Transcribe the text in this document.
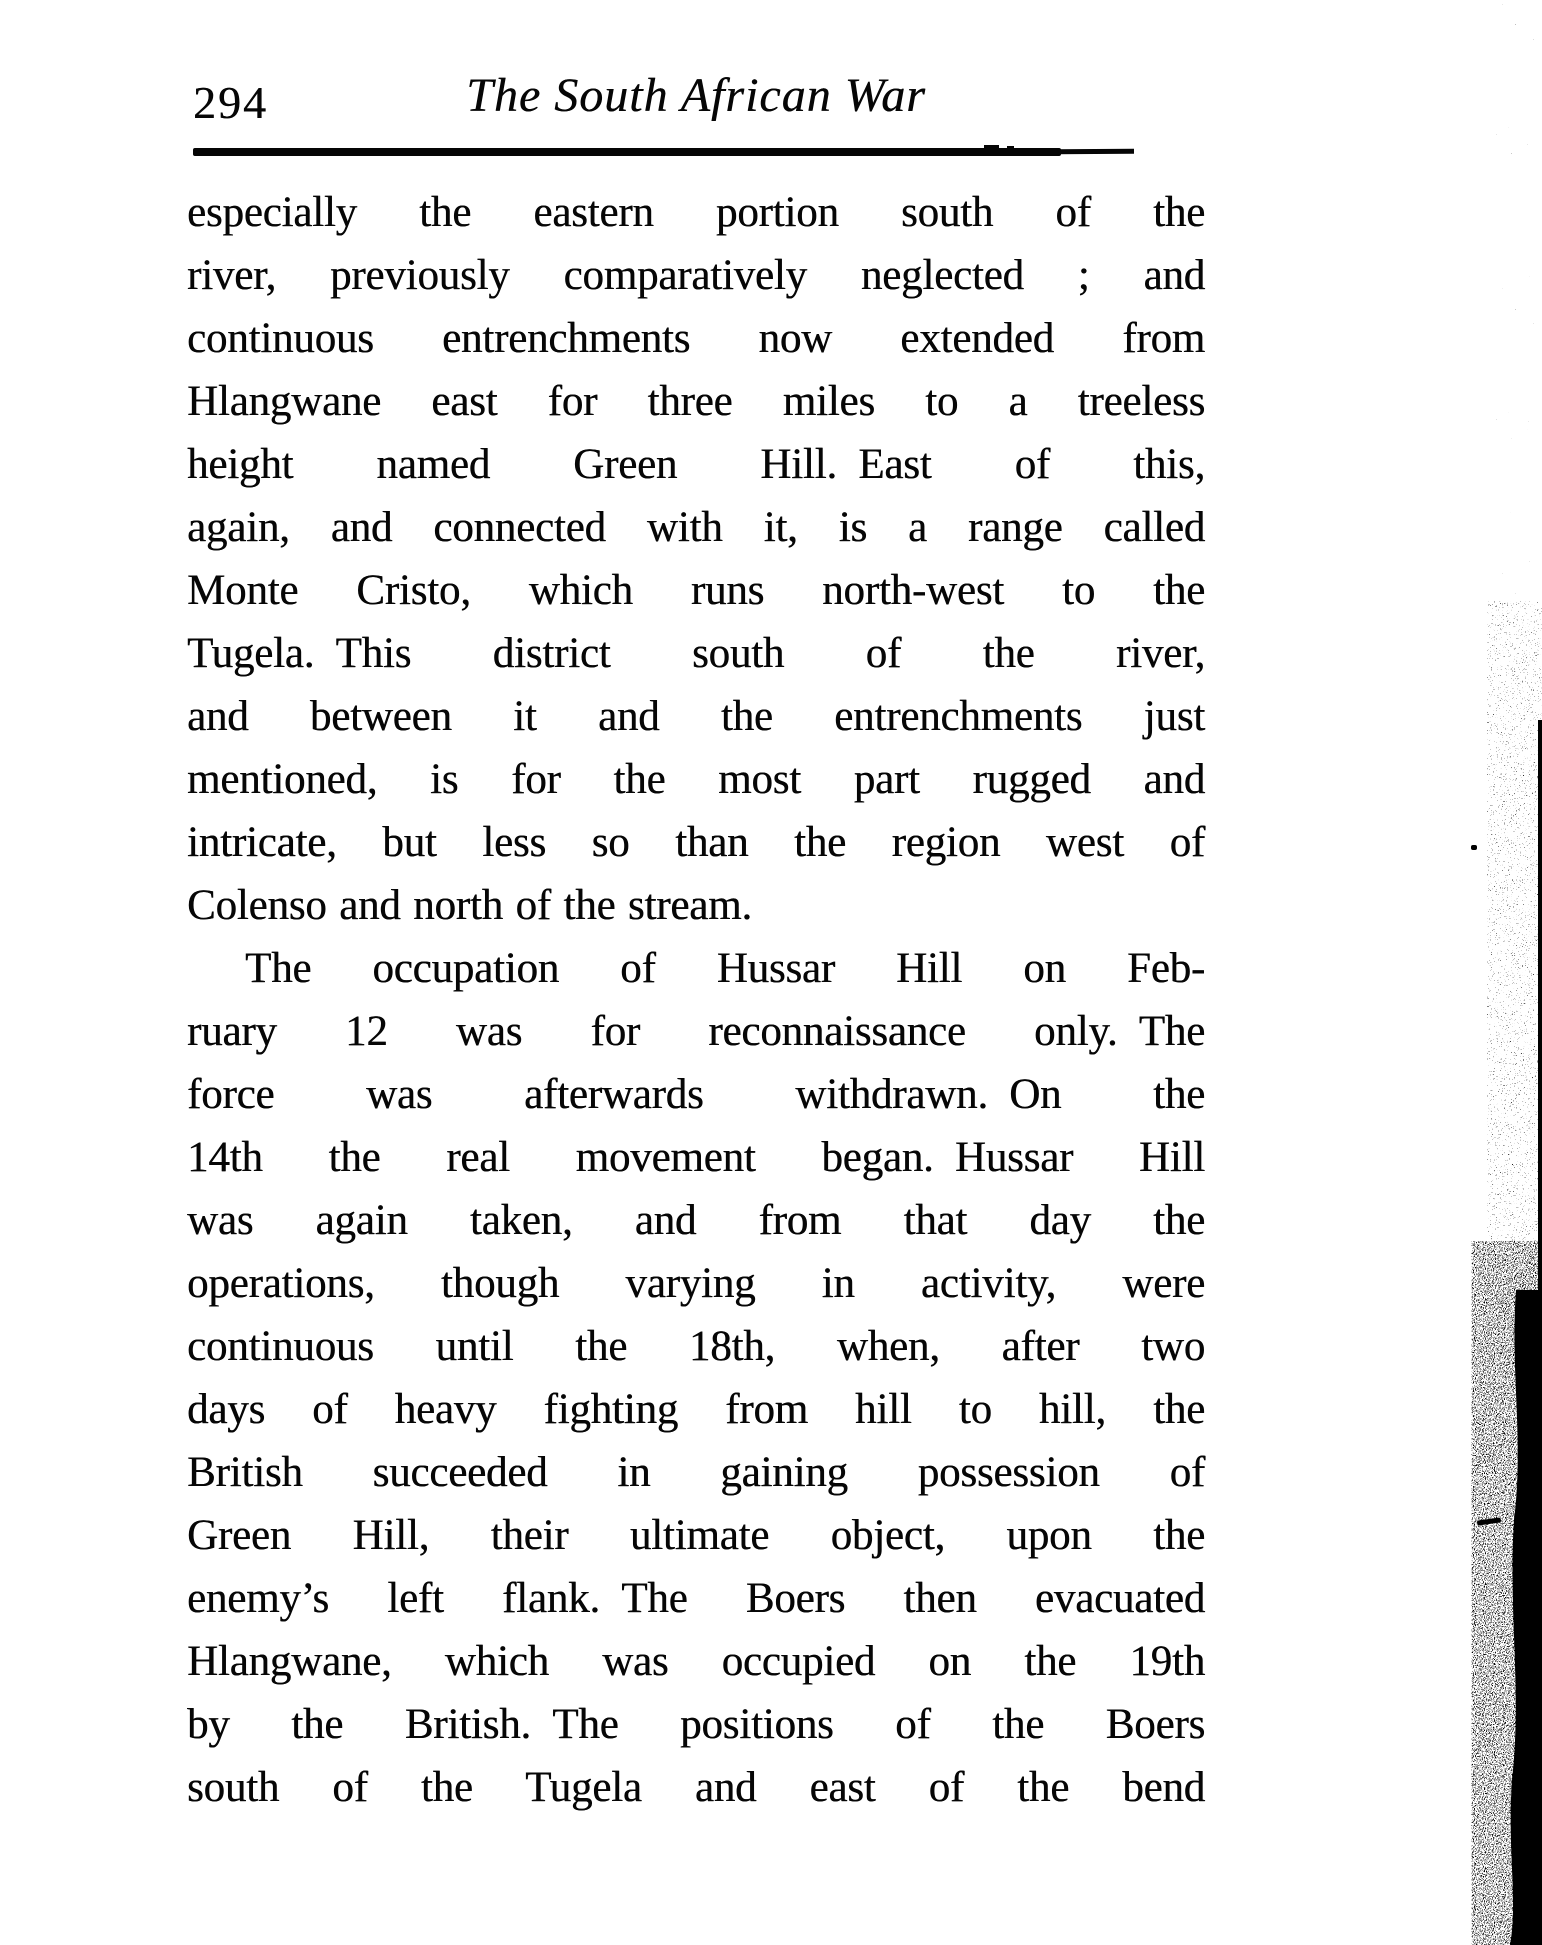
294	The South African War
especially the eastern portion south of the
river, previously comparatively neglected ; and
continuous entrenchments now extended from
Hlangwane east for three miles to a treeless
height named Green Hill. East of this,
again, and connected with it, is a range called
Monte Cristo, which runs north-west to the
Tugela. This district south of the river,
and between it and the entrenchments just
mentioned, is for the most part rugged and
intricate, but less so than the region west of
Colenso and north of the stream.
The occupation of Hussar Hill on Feb-
ruary 12 was for reconnaissance only. The
force was afterwards withdrawn. On the
14th the real movement began. Hussar Hill
was again taken, and from that day the
operations, though varying in activity, were
continuous until the 18th, when, after two
days of heavy fighting from hill to hill, the
British succeeded in gaining possession of
Green Hill, their ultimate object, upon the
enemy’s left flank. The Boers then evacuated
Hlangwane, which was occupied on the 19th
by the British. The positions of the Boers
south of the Tugela and east of the bend
